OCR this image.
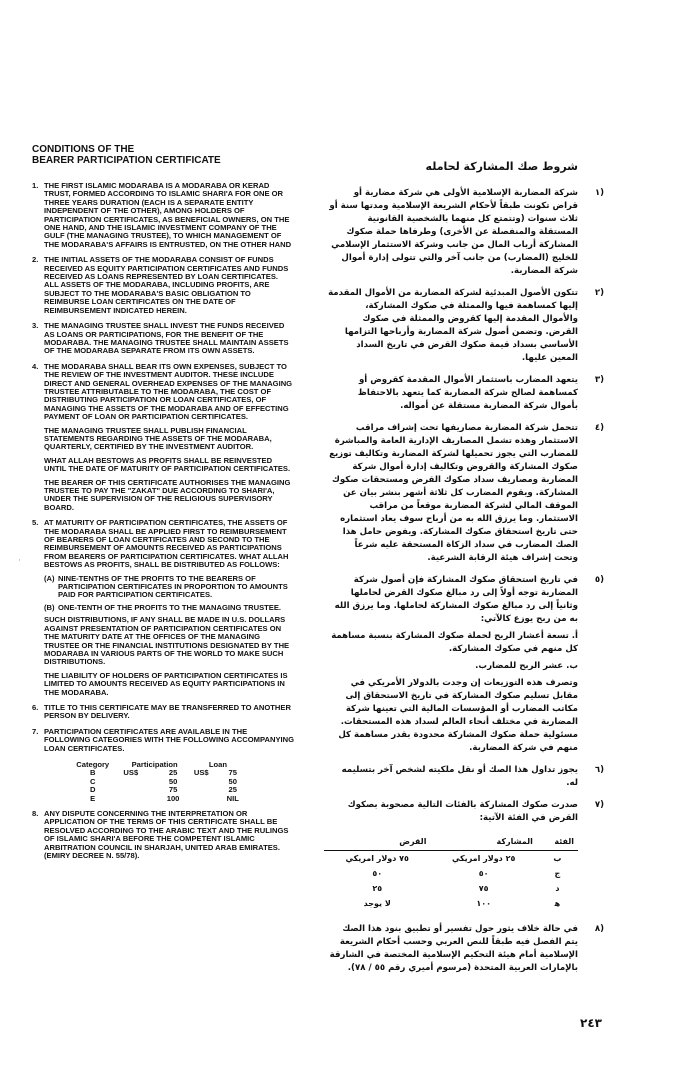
CONDITIONS OF THE
BEARER PARTICIPATION CERTIFICATE
1. THE FIRST ISLAMIC MODARABA IS A MODARABA OR KERAD TRUST, FORMED ACCORDING TO ISLAMIC SHARI'A FOR ONE OR THREE YEARS DURATION (EACH IS A SEPARATE ENTITY INDEPENDENT OF THE OTHER), AMONG HOLDERS OF PARTICIPATION CERTIFICATES, AS BENEFICIAL OWNERS, ON THE ONE HAND, AND THE ISLAMIC INVESTMENT COMPANY OF THE GULF (THE MANAGING TRUSTEE), TO WHICH MANAGEMENT OF THE MODARABA'S AFFAIRS IS ENTRUSTED, ON THE OTHER HAND

2. THE INITIAL ASSETS OF THE MODARABA CONSIST OF FUNDS RECEIVED AS EQUITY PARTICIPATION CERTIFICATES AND FUNDS RECEIVED AS LOANS REPRESENTED BY LOAN CERTIFICATES. ALL ASSETS OF THE MODARABA, INCLUDING PROFITS, ARE SUBJECT TO THE MODARABA'S BASIC OBLIGATION TO REIMBURSE LOAN CERTIFICATES ON THE DATE OF REIMBURSEMENT INDICATED HEREIN.

3. THE MANAGING TRUSTEE SHALL INVEST THE FUNDS RECEIVED AS LOANS OR PARTICIPATIONS, FOR THE BENEFIT OF THE MODARABA. THE MANAGING TRUSTEE SHALL MAINTAIN ASSETS OF THE MODARABA SEPARATE FROM ITS OWN ASSETS.

4. THE MODARABA SHALL BEAR ITS OWN EXPENSES, SUBJECT TO THE REVIEW OF THE INVESTMENT AUDITOR. THESE INCLUDE DIRECT AND GENERAL OVERHEAD EXPENSES OF THE MANAGING TRUSTEE ATTRIBUTABLE TO THE MODARABA, THE COST OF DISTRIBUTING PARTICIPATION OR LOAN CERTIFICATES, OF MANAGING THE ASSETS OF THE MODARABA AND OF EFFECTING PAYMENT OF LOAN OR PARTICIPATION CERTIFICATES.

THE MANAGING TRUSTEE SHALL PUBLISH FINANCIAL STATEMENTS REGARDING THE ASSETS OF THE MODARABA, QUARTERLY, CERTIFIED BY THE INVESTMENT AUDITOR.

WHAT ALLAH BESTOWS AS PROFITS SHALL BE REINVESTED UNTIL THE DATE OF MATURITY OF PARTICIPATION CERTIFICATES.

THE BEARER OF THIS CERTIFICATE AUTHORISES THE MANAGING TRUSTEE TO PAY THE "ZAKAT" DUE ACCORDING TO SHARI'A, UNDER THE SUPERVISION OF THE RELIGIOUS SUPERVISORY BOARD.

5. AT MATURITY OF PARTICIPATION CERTIFICATES, THE ASSETS OF THE MODARABA SHALL BE APPLIED FIRST TO REIMBURSEMENT OF BEARERS OF LOAN CERTIFICATES AND SECOND TO THE REIMBURSEMENT OF AMOUNTS RECEIVED AS PARTICIPATIONS FROM BEARERS OF PARTICIPATION CERTIFICATES. WHAT ALLAH BESTOWS AS PROFITS, SHALL BE DISTRIBUTED AS FOLLOWS:

(A) NINE-TENTHS OF THE PROFITS TO THE BEARERS OF PARTICIPATION CERTIFICATES IN PROPORTION TO AMOUNTS PAID FOR PARTICIPATION CERTIFICATES.
(B) ONE-TENTH OF THE PROFITS TO THE MANAGING TRUSTEE.

SUCH DISTRIBUTIONS, IF ANY SHALL BE MADE IN U.S. DOLLARS AGAINST PRESENTATION OF PARTICIPATION CERTIFICATES ON THE MATURITY DATE AT THE OFFICES OF THE MANAGING TRUSTEE OR THE FINANCIAL INSTITUTIONS DESIGNATED BY THE MODARABA IN VARIOUS PARTS OF THE WORLD TO MAKE SUCH DISTRIBUTIONS.

THE LIABILITY OF HOLDERS OF PARTICIPATION CERTIFICATES IS LIMITED TO AMOUNTS RECEIVED AS EQUITY PARTICIPATIONS IN THE MODARABA.

6. TITLE TO THIS CERTIFICATE MAY BE TRANSFERRED TO ANOTHER PERSON BY DELIVERY.

7. PARTICIPATION CERTIFICATES ARE AVAILABLE IN THE FOLLOWING CATEGORIES WITH THE FOLLOWING ACCOMPANYING LOAN CERTIFICATES.

Category	Participation		Loan	
B	US$	25	US$	75
C		50		50
D		75		25
E		100		NIL
8. ANY DISPUTE CONCERNING THE INTERPRETATION OR APPLICATION OF THE TERMS OF THIS CERTIFICATE SHALL BE RESOLVED ACCORDING TO THE ARABIC TEXT AND THE RULINGS OF ISLAMIC SHARI'A BEFORE THE COMPETENT ISLAMIC ARBITRATION COUNCIL IN SHARJAH, UNITED ARAB EMIRATES. (EMIRY DECREE N. 55/78).

شروط صك المشاركة لحامله
١)

شركة المضاربة الإسلامية الأولى هي شركة مضاربة أو قراض تكونت طبقاً لأحكام الشريعة الإسلامية ومدتها سنة أو ثلاث سنوات (وتتمتع كل منهما بالشخصية القانونية المستقلة والمنفصلة عن الأخرى) وطرفاها حملة صكوك المشاركة أرباب المال من جانب وشركة الاستثمار الإسلامي للخليج (المضارب) من جانب آخر والتي تتولى إدارة أموال شركة المضاربة.

٢)

تتكون الأصول المبدئية لشركة المضاربة من الأموال المقدمة إليها كمساهمة فيها والممثلة في صكوك المشاركة، والأموال المقدمة إليها كقروض والممثلة في صكوك القرض. وتضمن أصول شركة المضاربة وأرباحها التزامها الأساسي بسداد قيمة صكوك القرض في تاريخ السداد المعين عليها.

٣)

يتعهد المضارب باستثمار الأموال المقدمة كقروض أو كمساهمة لصالح شركة المضاربة كما يتعهد بالاحتفاظ بأموال شركة المضاربة مستقلة عن أمواله.

٤)

تتحمل شركة المضاربة مصاريفها تحت إشراف مراقب الاستثمار وهذه تشمل المصاريف الإدارية العامة والمباشرة للمضارب التي يجوز تحميلها لشركة المضاربة وتكاليف توزيع صكوك المشاركة والقروض وتكاليف إدارة أموال شركة المضاربة ومصاريف سداد صكوك القرض ومستحقات صكوك المشاركة. ويقوم المضارب كل ثلاثة أشهر بنشر بيان عن الموقف المالي لشركة المضاربة موقعاً من مراقب الاستثمار. وما يرزق الله به من أرباح سوف يعاد استثماره حتى تاريخ استحقاق صكوك المشاركة. ويفوض حامل هذا الصك المضارب في سداد الزكاة المستحقة عليه شرعاً وتحت إشراف هيئة الرقابة الشرعية.

٥)

في تاريخ استحقاق صكوك المشاركة فإن أصول شركة المضاربة توجه أولاً إلى رد مبالغ صكوك القرض لحاملها وثانياً إلى رد مبالغ صكوك المشاركة لحاملها. وما يرزق الله به من ربح يوزع كالآتي:

أ. تسعة أعشار الربح لحملة صكوك المشاركة بنسبة مساهمة كل منهم في صكوك المشاركة.

ب. عشر الربح للمضارب.

وتصرف هذه التوزيعات إن وجدت بالدولار الأمريكي في مقابل تسليم صكوك المشاركة في تاريخ الاستحقاق إلى مكاتب المضارب أو المؤسسات المالية التي تعينها شركة المضاربة في مختلف أنحاء العالم لسداد هذه المستحقات. مسئولية حملة صكوك المشاركة محدودة بقدر مساهمة كل منهم في شركة المضاربة.

٦)

يجوز تداول هذا الصك أو نقل ملكيته لشخص آخر بتسليمه له.

٧)

صدرت صكوك المشاركة بالفئات التالية مصحوبة بصكوك القرض في الفئة الآتية:

الفئة	المشاركة	القرض
ب	٢٥ دولار امريكي	٧٥ دولار امريكي
ج	٥٠	٥٠
د	٧٥	٢٥
ﻫ	١٠٠	لا يوجد
٨)

في حالة خلاف يثور حول تفسير أو تطبيق بنود هذا الصك يتم الفصل فيه طبقاً للنص العربي وحسب أحكام الشريعة الإسلامية أمام هيئة التحكيم الإسلامية المختصة في الشارقة بالإمارات العربية المتحدة (مرسوم أميري رقم ٥٥ / ٧٨).

٢٤٣
·
